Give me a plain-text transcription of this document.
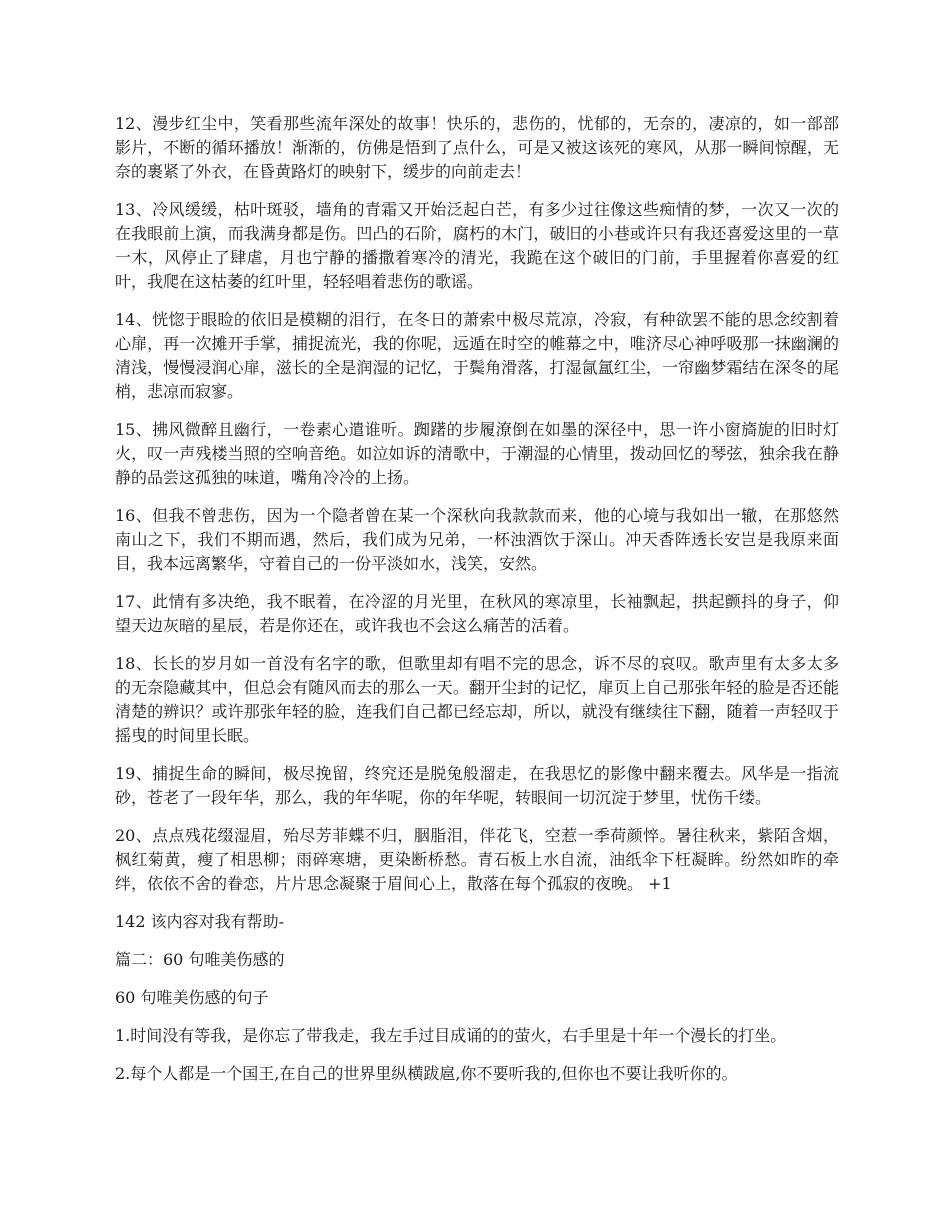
12、漫步红尘中，笑看那些流年深处的故事！快乐的，悲伤的，忧郁的，无奈的，凄凉的，如一部部影片，不断的循环播放！渐渐的，仿佛是悟到了点什么，可是又被这该死的寒风，从那一瞬间惊醒，无奈的裹紧了外衣，在昏黄路灯的映射下，缓步的向前走去！

13、冷风缓缓，枯叶斑驳，墙角的青霜又开始泛起白芒，有多少过往像这些痴情的梦，一次又一次的在我眼前上演，而我满身都是伤。凹凸的石阶，腐朽的木门，破旧的小巷或许只有我还喜爱这里的一草一木，风停止了肆虐，月也宁静的播撒着寒冷的清光，我跪在这个破旧的门前，手里握着你喜爱的红叶，我爬在这枯萎的红叶里，轻轻唱着悲伤的歌谣。

14、恍惚于眼睑的依旧是模糊的泪行，在冬日的萧索中极尽荒凉，冷寂，有种欲罢不能的思念绞割着心扉，再一次摊开手掌，捕捉流光，我的你呢，远遁在时空的帷幕之中，唯济尽心神呼吸那一抹幽澜的清浅，慢慢浸润心扉，滋长的全是润湿的记忆，于鬓角滑落，打湿氤氲红尘，一帘幽梦霜结在深冬的尾梢，悲凉而寂寥。

15、拂风微醉且幽行，一卷素心遣谁听。踟躇的步履潦倒在如墨的深径中，思一许小窗旖旎的旧时灯火，叹一声残楼当照的空响音绝。如泣如诉的清歌中，于潮湿的心情里，拨动回忆的琴弦，独余我在静静的品尝这孤独的味道，嘴角冷冷的上扬。

16、但我不曾悲伤，因为一个隐者曾在某一个深秋向我款款而来，他的心境与我如出一辙，在那悠然南山之下，我们不期而遇，然后，我们成为兄弟，一杯浊酒饮于深山。冲天香阵透长安岂是我原来面目，我本远离繁华，守着自己的一份平淡如水，浅笑，安然。

17、此情有多决绝，我不眠着，在冷涩的月光里，在秋风的寒凉里，长袖飘起，拱起颤抖的身子，仰望天边灰暗的星辰，若是你还在，或许我也不会这么痛苦的活着。

18、长长的岁月如一首没有名字的歌，但歌里却有唱不完的思念，诉不尽的哀叹。歌声里有太多太多的无奈隐藏其中，但总会有随风而去的那么一天。翻开尘封的记忆，扉页上自己那张年轻的脸是否还能清楚的辨识？或许那张年轻的脸，连我们自己都已经忘却，所以，就没有继续往下翻，随着一声轻叹于摇曳的时间里长眠。

19、捕捉生命的瞬间，极尽挽留，终究还是脱兔般溜走，在我思忆的影像中翻来覆去。风华是一指流砂，苍老了一段年华，那么，我的年华呢，你的年华呢，转眼间一切沉淀于梦里，忧伤千缕。

20、点点残花缀湿眉，殆尽芳菲蝶不归，胭脂泪，伴花飞，空惹一季荷颜悴。暑往秋来，紫陌含烟，枫红菊黄，瘦了相思柳；雨碎寒塘，更染断桥愁。青石板上水自流，油纸伞下枉凝眸。纷然如昨的牵绊，依依不舍的眷恋，片片思念凝聚于眉间心上，散落在每个孤寂的夜晚。 +1

142 该内容对我有帮助-

篇二：60 句唯美伤感的

60 句唯美伤感的句子

1.时间没有等我，是你忘了带我走，我左手过目成诵的的萤火，右手里是十年一个漫长的打坐。

2.每个人都是一个国王,在自己的世界里纵横跋扈,你不要听我的,但你也不要让我听你的。
